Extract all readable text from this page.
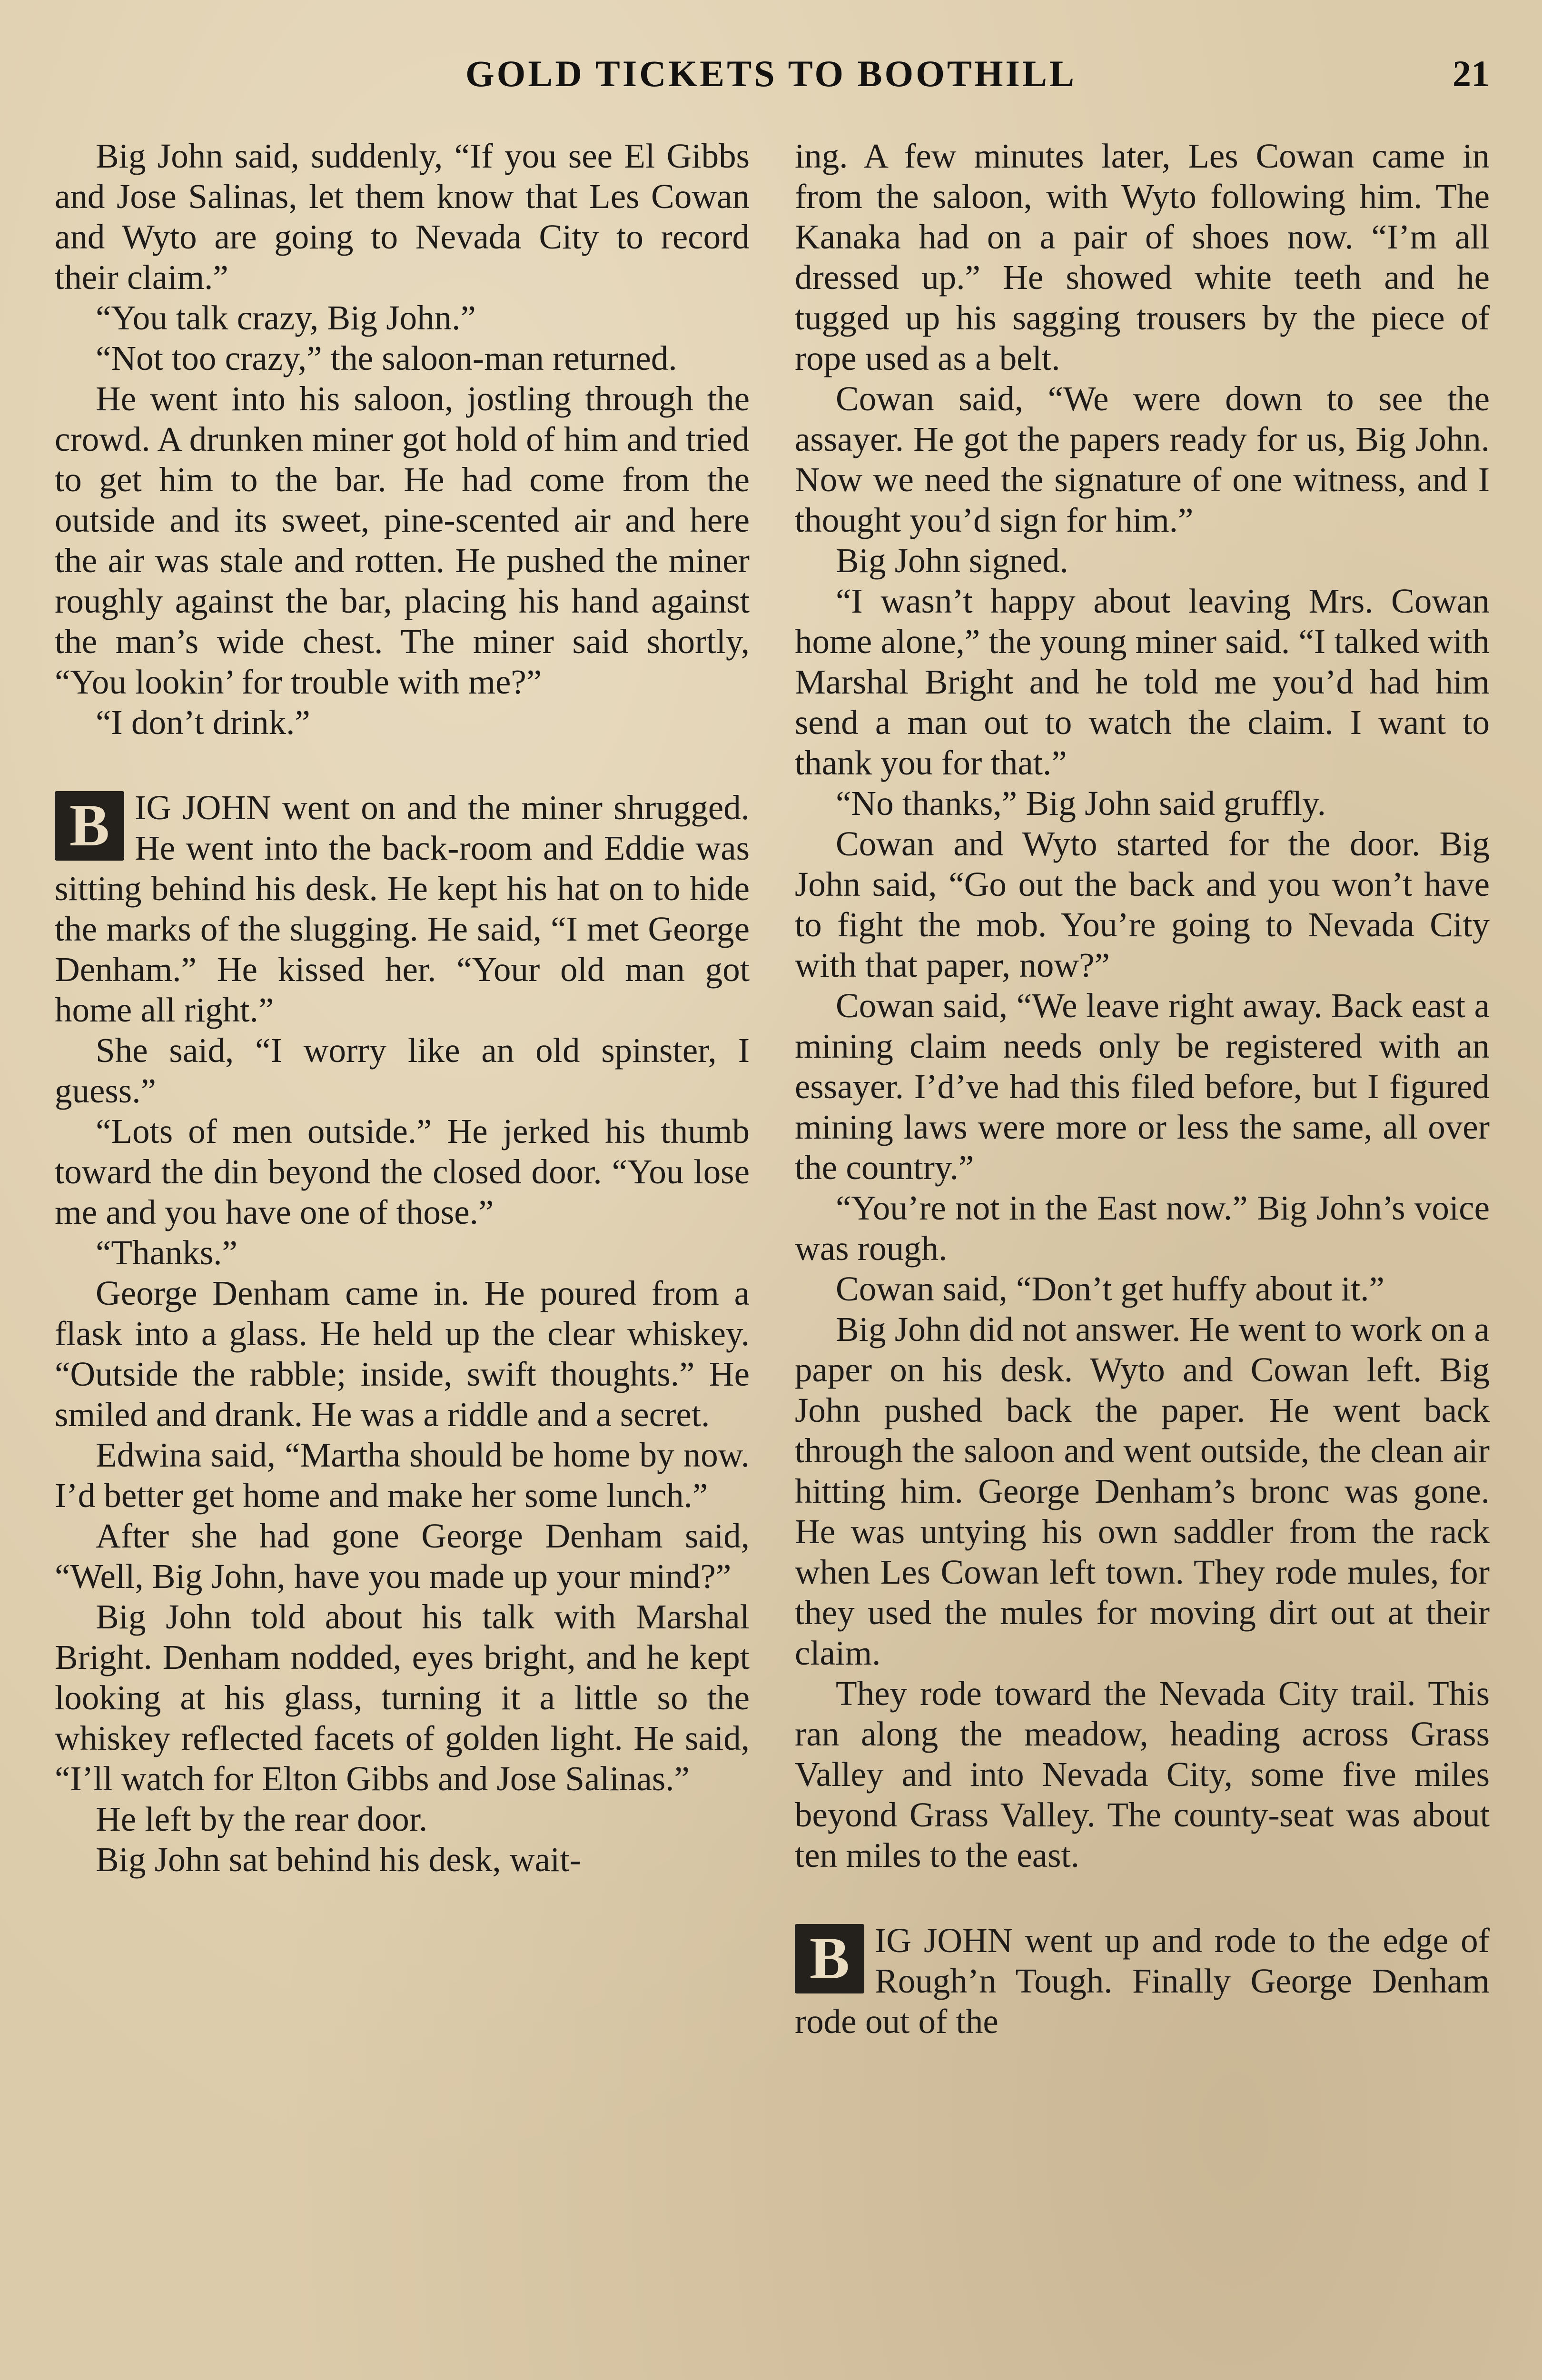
GOLD TICKETS TO BOOTHILL	21

Big John said, suddenly, “If you see El Gibbs and Jose Salinas, let them know that Les Cowan and Wyto are going to Nevada City to record their claim.”

“You talk crazy, Big John.”

“Not too crazy,” the saloon-man returned.

He went into his saloon, jostling through the crowd. A drunken miner got hold of him and tried to get him to the bar. He had come from the outside and its sweet, pine-scented air and here the air was stale and rotten. He pushed the miner roughly against the bar, placing his hand against the man’s wide chest. The miner said shortly, “You lookin’ for trouble with me?”

“I don’t drink.”

B IG JOHN went on and the miner shrugged. He went into the back-room and Eddie was sitting behind his desk. He kept his hat on to hide the marks of the slugging. He said, “I met George Denham.” He kissed her. “Your old man got home all right.”

She said, “I worry like an old spinster, I guess.”

“Lots of men outside.” He jerked his thumb toward the din beyond the closed door. “You lose me and you have one of those.”

“Thanks.”

George Denham came in. He poured from a flask into a glass. He held up the clear whiskey. “Outside the rabble; inside, swift thoughts.” He smiled and drank. He was a riddle and a secret.

Edwina said, “Martha should be home by now. I’d better get home and make her some lunch.”

After she had gone George Denham said, “Well, Big John, have you made up your mind?”

Big John told about his talk with Marshal Bright. Denham nodded, eyes bright, and he kept looking at his glass, turning it a little so the whiskey reflected facets of golden light. He said, “I’ll watch for Elton Gibbs and Jose Salinas.”

He left by the rear door.

Big John sat behind his desk, wait-

ing. A few minutes later, Les Cowan came in from the saloon, with Wyto following him. The Kanaka had on a pair of shoes now. “I’m all dressed up.” He showed white teeth and he tugged up his sagging trousers by the piece of rope used as a belt.

Cowan said, “We were down to see the assayer. He got the papers ready for us, Big John. Now we need the signature of one witness, and I thought you’d sign for him.”

Big John signed.

“I wasn’t happy about leaving Mrs. Cowan home alone,” the young miner said. “I talked with Marshal Bright and he told me you’d had him send a man out to watch the claim. I want to thank you for that.”

“No thanks,” Big John said gruffly.

Cowan and Wyto started for the door. Big John said, “Go out the back and you won’t have to fight the mob. You’re going to Nevada City with that paper, now?”

Cowan said, “We leave right away. Back east a mining claim needs only be registered with an essayer. I’d’ve had this filed before, but I figured mining laws were more or less the same, all over the country.”

“You’re not in the East now.” Big John’s voice was rough.

Cowan said, “Don’t get huffy about it.”

Big John did not answer. He went to work on a paper on his desk. Wyto and Cowan left. Big John pushed back the paper. He went back through the saloon and went outside, the clean air hitting him. George Denham’s bronc was gone. He was untying his own saddler from the rack when Les Cowan left town. They rode mules, for they used the mules for moving dirt out at their claim.

They rode toward the Nevada City trail. This ran along the meadow, heading across Grass Valley and into Nevada City, some five miles beyond Grass Valley. The county-seat was about ten miles to the east.

B IG JOHN went up and rode to the edge of Rough’n Tough. Finally George Denham rode out of the
